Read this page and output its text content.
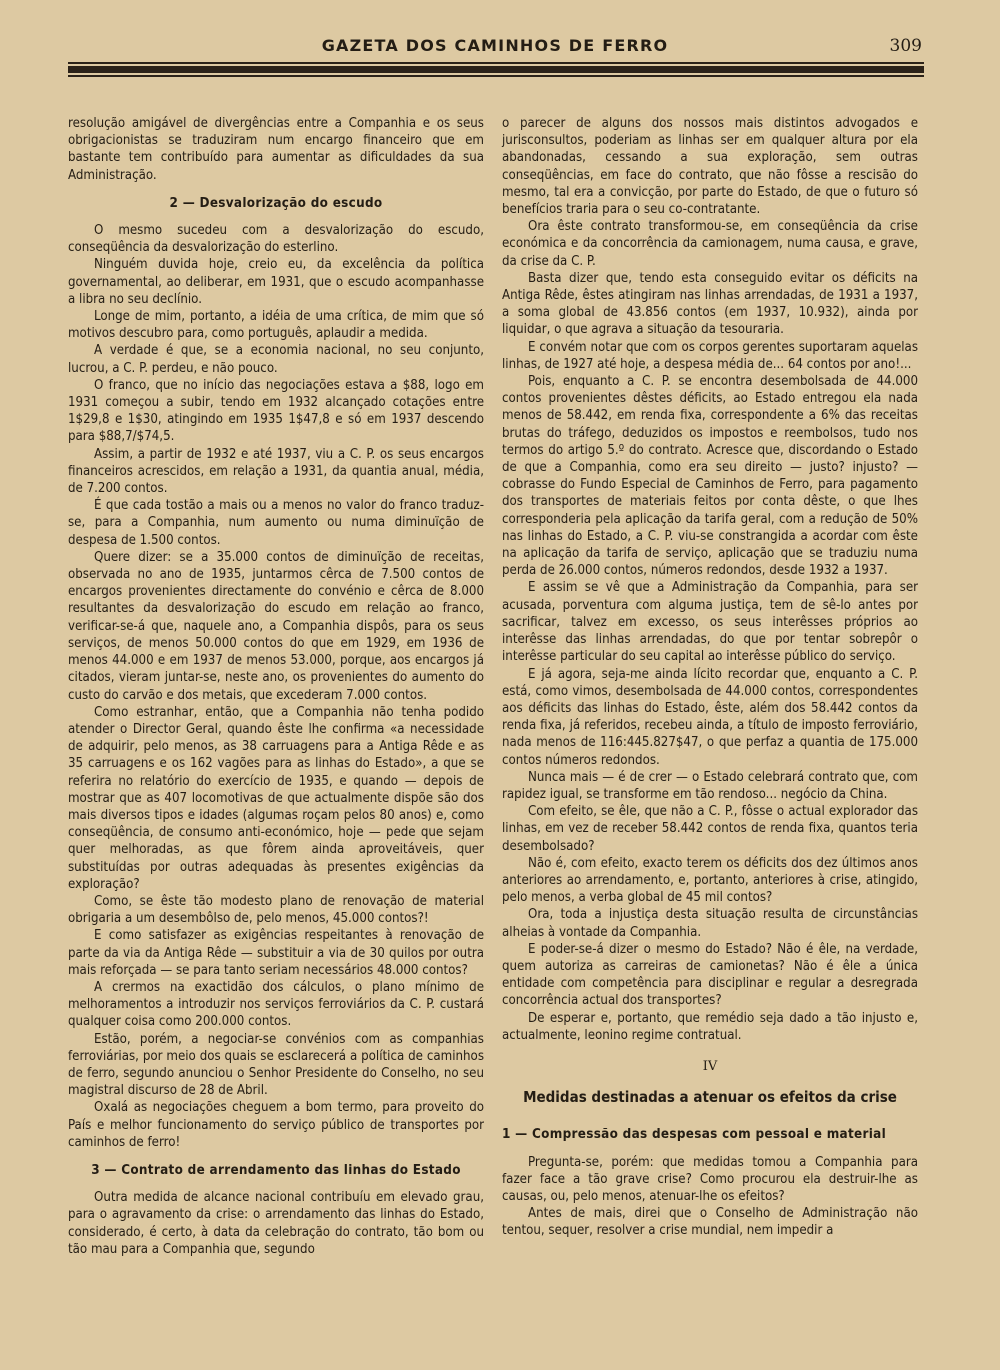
GAZETA DOS CAMINHOS DE FERRO	309

resolução amigável de divergências entre a Companhia e os seus obrigacionistas se traduziram num encargo financeiro que em bastante tem contribuído para aumentar as dificuldades da sua Administração.

2 — Desvalorização do escudo

O mesmo sucedeu com a desvalorização do escudo, conseqüência da desvalorização do esterlino.

Ninguém duvida hoje, creio eu, da excelência da política governamental, ao deliberar, em 1931, que o escudo acompanhasse a libra no seu declínio.

Longe de mim, portanto, a idéia de uma crítica, de mim que só motivos descubro para, como português, aplaudir a medida.

A verdade é que, se a economia nacional, no seu conjunto, lucrou, a C. P. perdeu, e não pouco.

O franco, que no início das negociações estava a $88, logo em 1931 começou a subir, tendo em 1932 alcançado cotações entre 1$29,8 e 1$30, atingindo em 1935 1$47,8 e só em 1937 descendo para $88,7/$74,5.

Assim, a partir de 1932 e até 1937, viu a C. P. os seus encargos financeiros acrescidos, em relação a 1931, da quantia anual, média, de 7.200 contos.

É que cada tostão a mais ou a menos no valor do franco traduz-se, para a Companhia, num aumento ou numa diminuïção de despesa de 1.500 contos.

Quere dizer: se a 35.000 contos de diminuïção de receitas, observada no ano de 1935, juntarmos cêrca de 7.500 contos de encargos provenientes directamente do convénio e cêrca de 8.000 resultantes da desvalorização do escudo em relação ao franco, verificar-se-á que, naquele ano, a Companhia dispôs, para os seus serviços, de menos 50.000 contos do que em 1929, em 1936 de menos 44.000 e em 1937 de menos 53.000, porque, aos encargos já citados, vieram juntar-se, neste ano, os provenientes do aumento do custo do carvão e dos metais, que excederam 7.000 contos.

Como estranhar, então, que a Companhia não tenha podido atender o Director Geral, quando êste lhe confirma «a necessidade de adquirir, pelo menos, as 38 carruagens para a Antiga Rêde e as 35 carruagens e os 162 vagões para as linhas do Estado», a que se referira no relatório do exercício de 1935, e quando — depois de mostrar que as 407 locomotivas de que actualmente dispõe são dos mais diversos tipos e idades (algumas roçam pelos 80 anos) e, como conseqüência, de consumo anti-económico, hoje — pede que sejam quer melhoradas, as que fôrem ainda aproveitáveis, quer substituídas por outras adequadas às presentes exigências da exploração?

Como, se êste tão modesto plano de renovação de material obrigaria a um desembôlso de, pelo menos, 45.000 contos?!

E como satisfazer as exigências respeitantes à renovação de parte da via da Antiga Rêde — substituir a via de 30 quilos por outra mais reforçada — se para tanto seriam necessários 48.000 contos?

A crermos na exactidão dos cálculos, o plano mínimo de melhoramentos a introduzir nos serviços ferroviários da C. P. custará qualquer coisa como 200.000 contos.

Estão, porém, a negociar-se convénios com as companhias ferroviárias, por meio dos quais se esclarecerá a política de caminhos de ferro, segundo anunciou o Senhor Presidente do Conselho, no seu magistral discurso de 28 de Abril.

Oxalá as negociações cheguem a bom termo, para proveito do País e melhor funcionamento do serviço público de transportes por caminhos de ferro!

3 — Contrato de arrendamento das linhas do Estado

Outra medida de alcance nacional contribuíu em elevado grau, para o agravamento da crise: o arrendamento das linhas do Estado, considerado, é certo, à data da celebração do contrato, tão bom ou tão mau para a Companhia que, segundo

o parecer de alguns dos nossos mais distintos advogados e jurisconsultos, poderiam as linhas ser em qualquer altura por ela abandonadas, cessando a sua exploração, sem outras conseqüências, em face do contrato, que não fôsse a rescisão do mesmo, tal era a convicção, por parte do Estado, de que o futuro só benefícios traria para o seu co-contratante.

Ora êste contrato transformou-se, em conseqüência da crise económica e da concorrência da camionagem, numa causa, e grave, da crise da C. P.

Basta dizer que, tendo esta conseguido evitar os déficits na Antiga Rêde, êstes atingiram nas linhas arrendadas, de 1931 a 1937, a soma global de 43.856 contos (em 1937, 10.932), ainda por liquidar, o que agrava a situação da tesouraria.

E convém notar que com os corpos gerentes suportaram aquelas linhas, de 1927 até hoje, a despesa média de... 64 contos por ano!...

Pois, enquanto a C. P. se encontra desembolsada de 44.000 contos provenientes dêstes déficits, ao Estado entregou ela nada menos de 58.442, em renda fixa, correspondente a 6% das receitas brutas do tráfego, deduzidos os impostos e reembolsos, tudo nos termos do artigo 5.º do contrato. Acresce que, discordando o Estado de que a Companhia, como era seu direito — justo? injusto? — cobrasse do Fundo Especial de Caminhos de Ferro, para pagamento dos transportes de materiais feitos por conta dêste, o que lhes corresponderia pela aplicação da tarifa geral, com a redução de 50% nas linhas do Estado, a C. P. viu-se constrangida a acordar com êste na aplicação da tarifa de serviço, aplicação que se traduziu numa perda de 26.000 contos, números redondos, desde 1932 a 1937.

E assim se vê que a Administração da Companhia, para ser acusada, porventura com alguma justiça, tem de sê-lo antes por sacrificar, talvez em excesso, os seus interêsses próprios ao interêsse das linhas arrendadas, do que por tentar sobrepôr o interêsse particular do seu capital ao interêsse público do serviço.

E já agora, seja-me ainda lícito recordar que, enquanto a C. P. está, como vimos, desembolsada de 44.000 contos, correspondentes aos déficits das linhas do Estado, êste, além dos 58.442 contos da renda fixa, já referidos, recebeu ainda, a título de imposto ferroviário, nada menos de 116:445.827$47, o que perfaz a quantia de 175.000 contos números redondos.

Nunca mais — é de crer — o Estado celebrará contrato que, com rapidez igual, se transforme em tão rendoso... negócio da China.

Com efeito, se êle, que não a C. P., fôsse o actual explorador das linhas, em vez de receber 58.442 contos de renda fixa, quantos teria desembolsado?

Não é, com efeito, exacto terem os déficits dos dez últimos anos anteriores ao arrendamento, e, portanto, anteriores à crise, atingido, pelo menos, a verba global de 45 mil contos?

Ora, toda a injustiça desta situação resulta de circunstâncias alheias à vontade da Companhia.

E poder-se-á dizer o mesmo do Estado? Não é êle, na verdade, quem autoriza as carreiras de camionetas? Não é êle a única entidade com competência para disciplinar e regular a desregrada concorrência actual dos transportes?

De esperar e, portanto, que remédio seja dado a tão injusto e, actualmente, leonino regime contratual.

IV
Medidas destinadas a atenuar os efeitos da crise
1 — Compressão das despesas com pessoal e material

Pregunta-se, porém: que medidas tomou a Companhia para fazer face a tão grave crise? Como procurou ela destruir-lhe as causas, ou, pelo menos, atenuar-lhe os efeitos?

Antes de mais, direi que o Conselho de Administração não tentou, sequer, resolver a crise mundial, nem impedir a
